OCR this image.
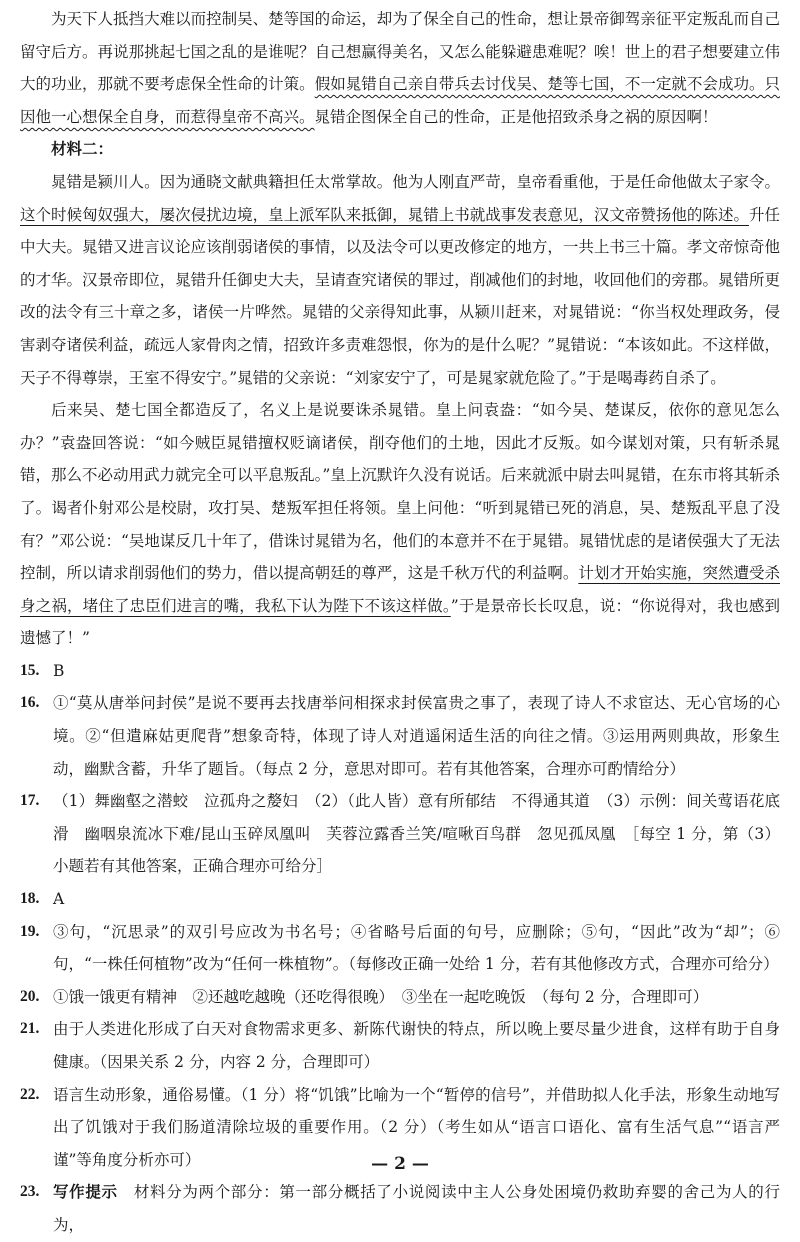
为天下人抵挡大难以而控制吴、楚等国的命运，却为了保全自己的性命，想让景帝御驾亲征平定叛乱而自己留守后方。再说那挑起七国之乱的是谁呢？自己想赢得美名，又怎么能躲避患难呢？唉！世上的君子想要建立伟大的功业，那就不要考虑保全性命的计策。假如晁错自己亲自带兵去讨伐吴、楚等七国，不一定就不会成功。只因他一心想保全自身，而惹得皇帝不高兴。晁错企图保全自己的性命，正是他招致杀身之祸的原因啊！

材料二：

晁错是颍川人。因为通晓文献典籍担任太常掌故。他为人刚直严苛，皇帝看重他，于是任命他做太子家令。这个时候匈奴强大，屡次侵扰边境，皇上派军队来抵御，晁错上书就战事发表意见，汉文帝赞扬他的陈述。升任中大夫。晁错又进言议论应该削弱诸侯的事情，以及法令可以更改修定的地方，一共上书三十篇。孝文帝惊奇他的才华。汉景帝即位，晁错升任御史大夫，呈请查究诸侯的罪过，削减他们的封地，收回他们的旁郡。晁错所更改的法令有三十章之多，诸侯一片哗然。晁错的父亲得知此事，从颍川赶来，对晁错说：“你当权处理政务，侵害剥夺诸侯利益，疏远人家骨肉之情，招致许多责难怨恨，你为的是什么呢？”晁错说：“本该如此。不这样做，天子不得尊崇，王室不得安宁。”晁错的父亲说：“刘家安宁了，可是晁家就危险了。”于是喝毒药自杀了。

后来吴、楚七国全都造反了，名义上是说要诛杀晁错。皇上问袁盎：“如今吴、楚谋反，依你的意见怎么办？”袁盎回答说：“如今贼臣晁错擅权贬谪诸侯，削夺他们的土地，因此才反叛。如今谋划对策，只有斩杀晁错，那么不必动用武力就完全可以平息叛乱。”皇上沉默许久没有说话。后来就派中尉去叫晁错，在东市将其斩杀了。谒者仆射邓公是校尉，攻打吴、楚叛军担任将领。皇上问他：“听到晁错已死的消息，吴、楚叛乱平息了没有？”邓公说：“吴地谋反几十年了，借诛讨晁错为名，他们的本意并不在于晁错。晁错忧虑的是诸侯强大了无法控制，所以请求削弱他们的势力，借以提高朝廷的尊严，这是千秋万代的利益啊。计划才开始实施，突然遭受杀身之祸，堵住了忠臣们进言的嘴，我私下认为陛下不该这样做。”于是景帝长长叹息，说：“你说得对，我也感到遗憾了！”

15. B
16. ①“莫从唐举问封侯”是说不要再去找唐举问相探求封侯富贵之事了，表现了诗人不求宦达、无心官场的心境。②“但遣麻姑更爬背”想象奇特，体现了诗人对逍遥闲适生活的向往之情。③运用两则典故，形象生动，幽默含蓄，升华了题旨。（每点 2 分，意思对即可。若有其他答案，合理亦可酌情给分）
17. （1）舞幽壑之潜蛟　泣孤舟之嫠妇　（2）（此人皆）意有所郁结　不得通其道　（3）示例：间关莺语花底滑　幽咽泉流冰下难/昆山玉碎凤凰叫　芙蓉泣露香兰笑/喧啾百鸟群　忽见孤凤凰　［每空 1 分，第（3）小题若有其他答案，正确合理亦可给分］
18. A
19. ③句，“沉思录”的双引号应改为书名号；④省略号后面的句号，应删除；⑤句，“因此”改为“却”；⑥句，“一株任何植物”改为“任何一株植物”。（每修改正确一处给 1 分，若有其他修改方式，合理亦可给分）
20. ①饿一饿更有精神　②还越吃越晚（还吃得很晚）　③坐在一起吃晚饭　（每句 2 分，合理即可）
21. 由于人类进化形成了白天对食物需求更多、新陈代谢快的特点，所以晚上要尽量少进食，这样有助于自身健康。（因果关系 2 分，内容 2 分，合理即可）
22. 语言生动形象，通俗易懂。（1 分）将“饥饿”比喻为一个“暂停的信号”，并借助拟人化手法，形象生动地写出了饥饿对于我们肠道清除垃圾的重要作用。（2 分）（考生如从“语言口语化、富有生活气息”“语言严谨”等角度分析亦可）
23. 写作提示　材料分为两个部分：第一部分概括了小说阅读中主人公身处困境仍救助弃婴的舍己为人的行为，
— 2 —
